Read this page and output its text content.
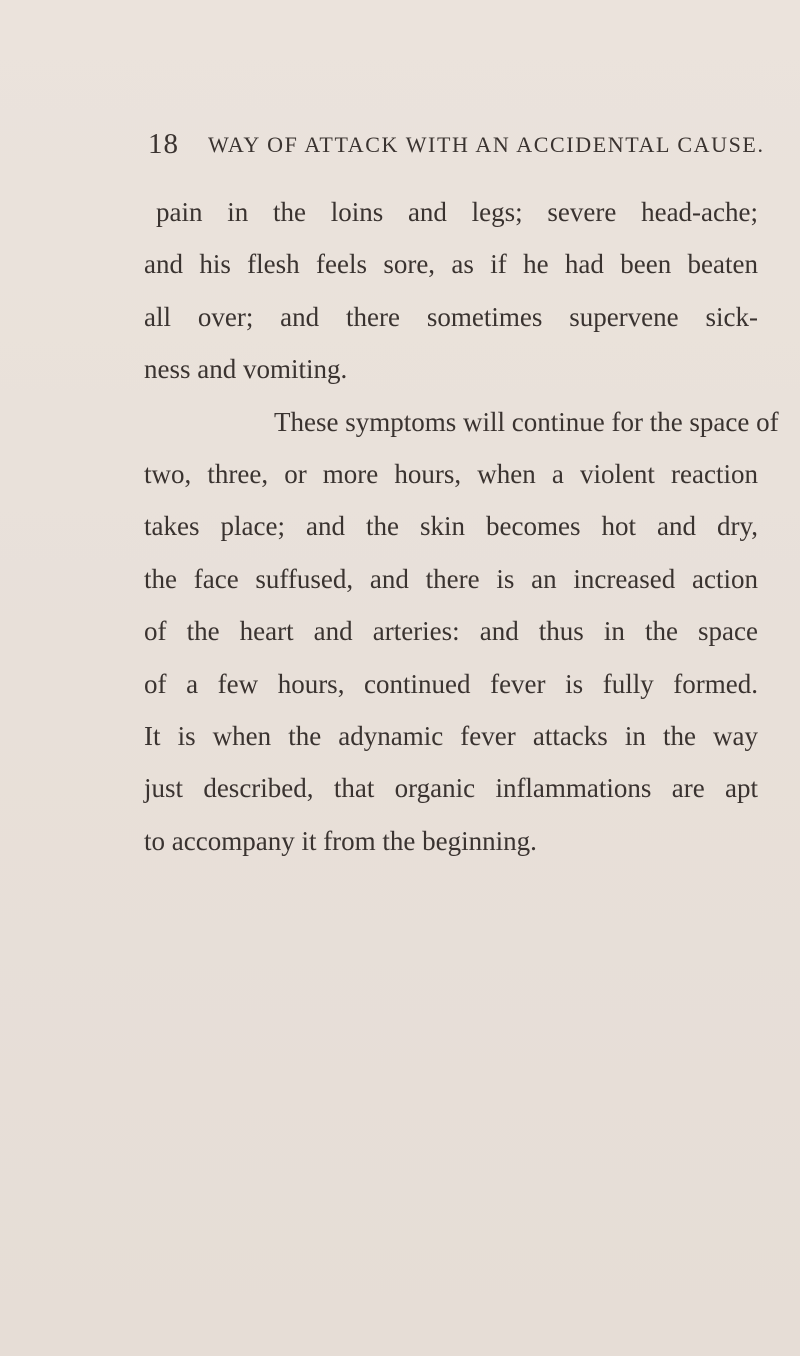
18 WAY OF ATTACK WITH AN ACCIDENTAL CAUSE.
pain in the loins and legs; severe head-ache;
and his flesh feels sore, as if he had been beaten
all over; and there sometimes supervene sick-
ness and vomiting.
These symptoms will continue for the space of
two, three, or more hours, when a violent reaction
takes place; and the skin becomes hot and dry,
the face suffused, and there is an increased action
of the heart and arteries: and thus in the space
of a few hours, continued fever is fully formed.
It is when the adynamic fever attacks in the way
just described, that organic inflammations are apt
to accompany it from the beginning.
